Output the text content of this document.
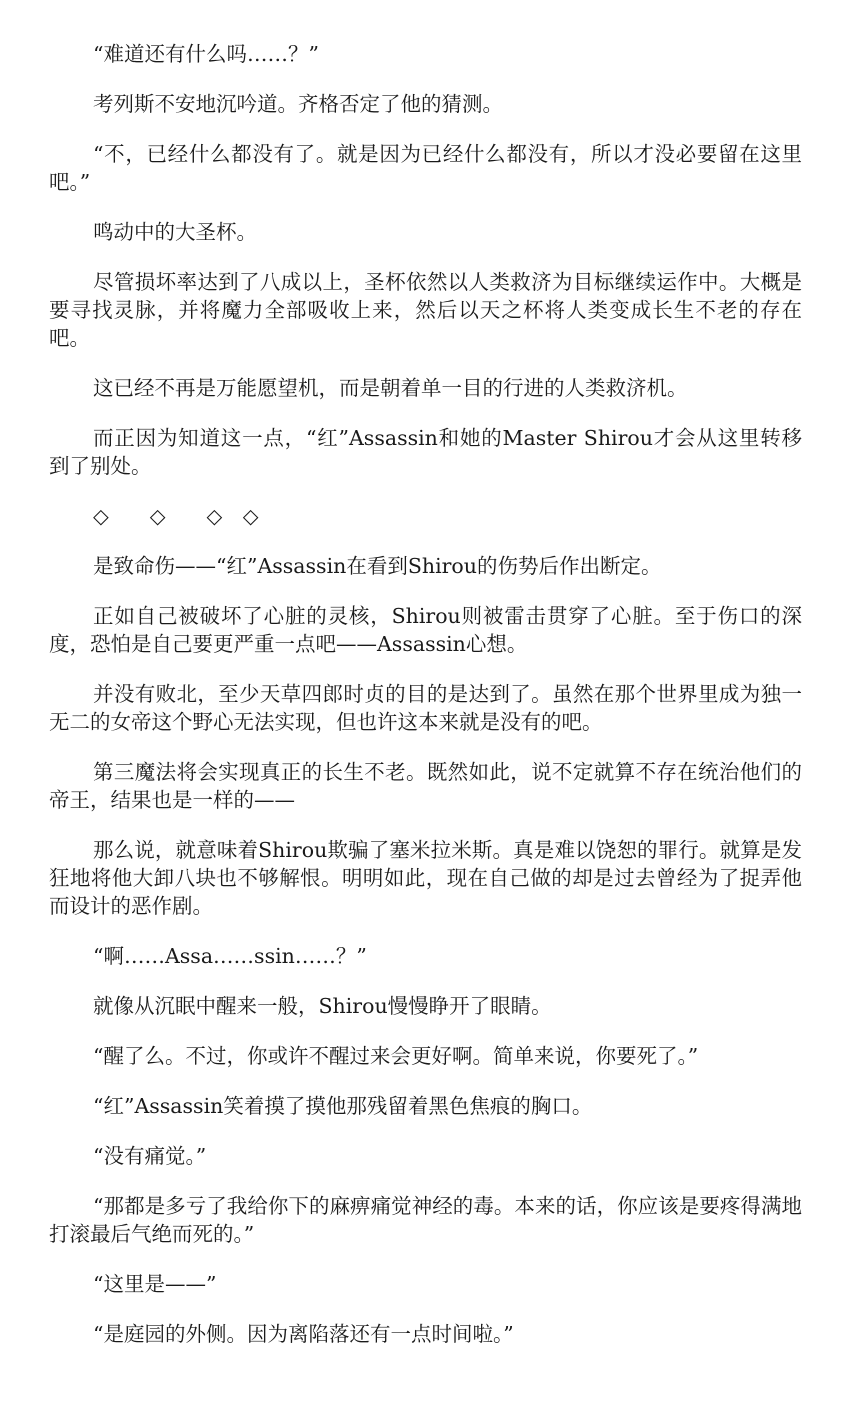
“难道还有什么吗……？”

考列斯不安地沉吟道。齐格否定了他的猜测。

“不，已经什么都没有了。就是因为已经什么都没有，所以才没必要留在这里吧。”

鸣动中的大圣杯。

尽管损坏率达到了八成以上，圣杯依然以人类救济为目标继续运作中。大概是要寻找灵脉，并将魔力全部吸收上来，然后以天之杯将人类变成长生不老的存在吧。

这已经不再是万能愿望机，而是朝着单一目的行进的人类救济机。

而正因为知道这一点，“红”Assassin和她的Master Shirou才会从这里转移到了别处。

◇　　◇　　◇　◇

是致命伤——“红”Assassin在看到Shirou的伤势后作出断定。

正如自己被破坏了心脏的灵核，Shirou则被雷击贯穿了心脏。至于伤口的深度，恐怕是自己要更严重一点吧——Assassin心想。

并没有败北，至少天草四郎时贞的目的是达到了。虽然在那个世界里成为独一无二的女帝这个野心无法实现，但也许这本来就是没有的吧。

第三魔法将会实现真正的长生不老。既然如此，说不定就算不存在统治他们的帝王，结果也是一样的——

那么说，就意味着Shirou欺骗了塞米拉米斯。真是难以饶恕的罪行。就算是发狂地将他大卸八块也不够解恨。明明如此，现在自己做的却是过去曾经为了捉弄他而设计的恶作剧。

“啊……Assa……ssin……？”

就像从沉眠中醒来一般，Shirou慢慢睁开了眼睛。

“醒了么。不过，你或许不醒过来会更好啊。简单来说，你要死了。”

“红”Assassin笑着摸了摸他那残留着黑色焦痕的胸口。

“没有痛觉。”

“那都是多亏了我给你下的麻痹痛觉神经的毒。本来的话，你应该是要疼得满地打滚最后气绝而死的。”

“这里是——”

“是庭园的外侧。因为离陷落还有一点时间啦。”
